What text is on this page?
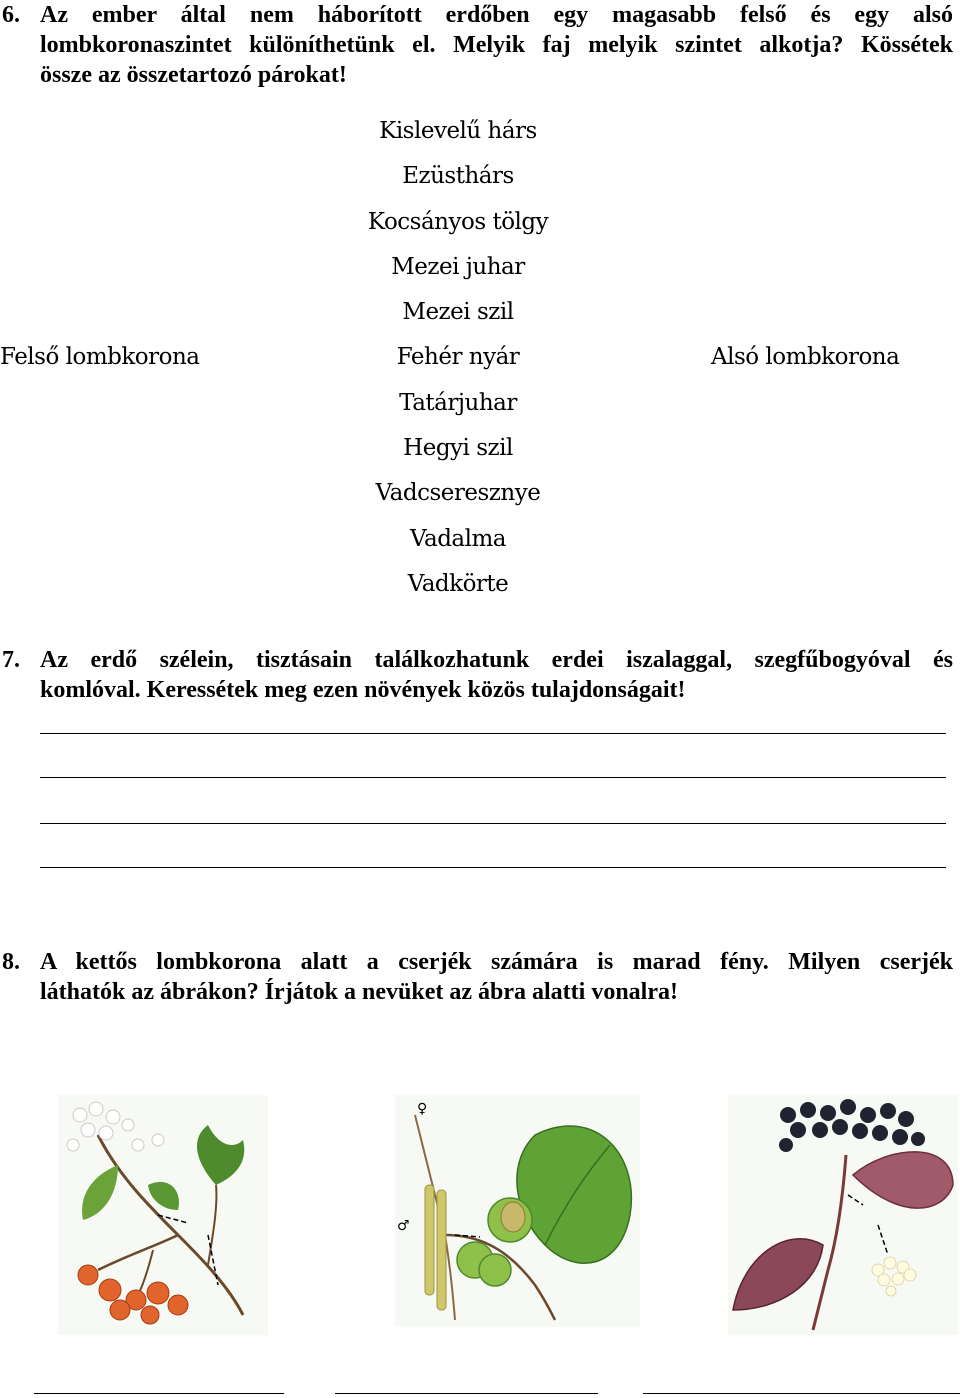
6. Az ember által nem háborított erdőben egy magasabb felső és egy alsó
lombkoronaszintet különíthetünk el. Melyik faj melyik szintet alkotja? Kössétek
össze az összetartozó párokat!
Kislevelű hárs
Ezüsthárs
Kocsányos tölgy
Mezei juhar
Mezei szil
Fehér nyár
Tatárjuhar
Hegyi szil
Vadcseresznye
Vadalma
Vadkörte
Felső lombkorona	Alsó lombkorona
7. Az erdő szélein, tisztásain találkozhatunk erdei iszalaggal, szegfűbogyóval és
komlóval. Keressétek meg ezen növények közös tulajdonságait!
8. A kettős lombkorona alatt a cserjék számára is marad fény. Milyen cserjék
láthatók az ábrákon? Írjátok a nevüket az ábra alatti vonalra!
♀
♂
